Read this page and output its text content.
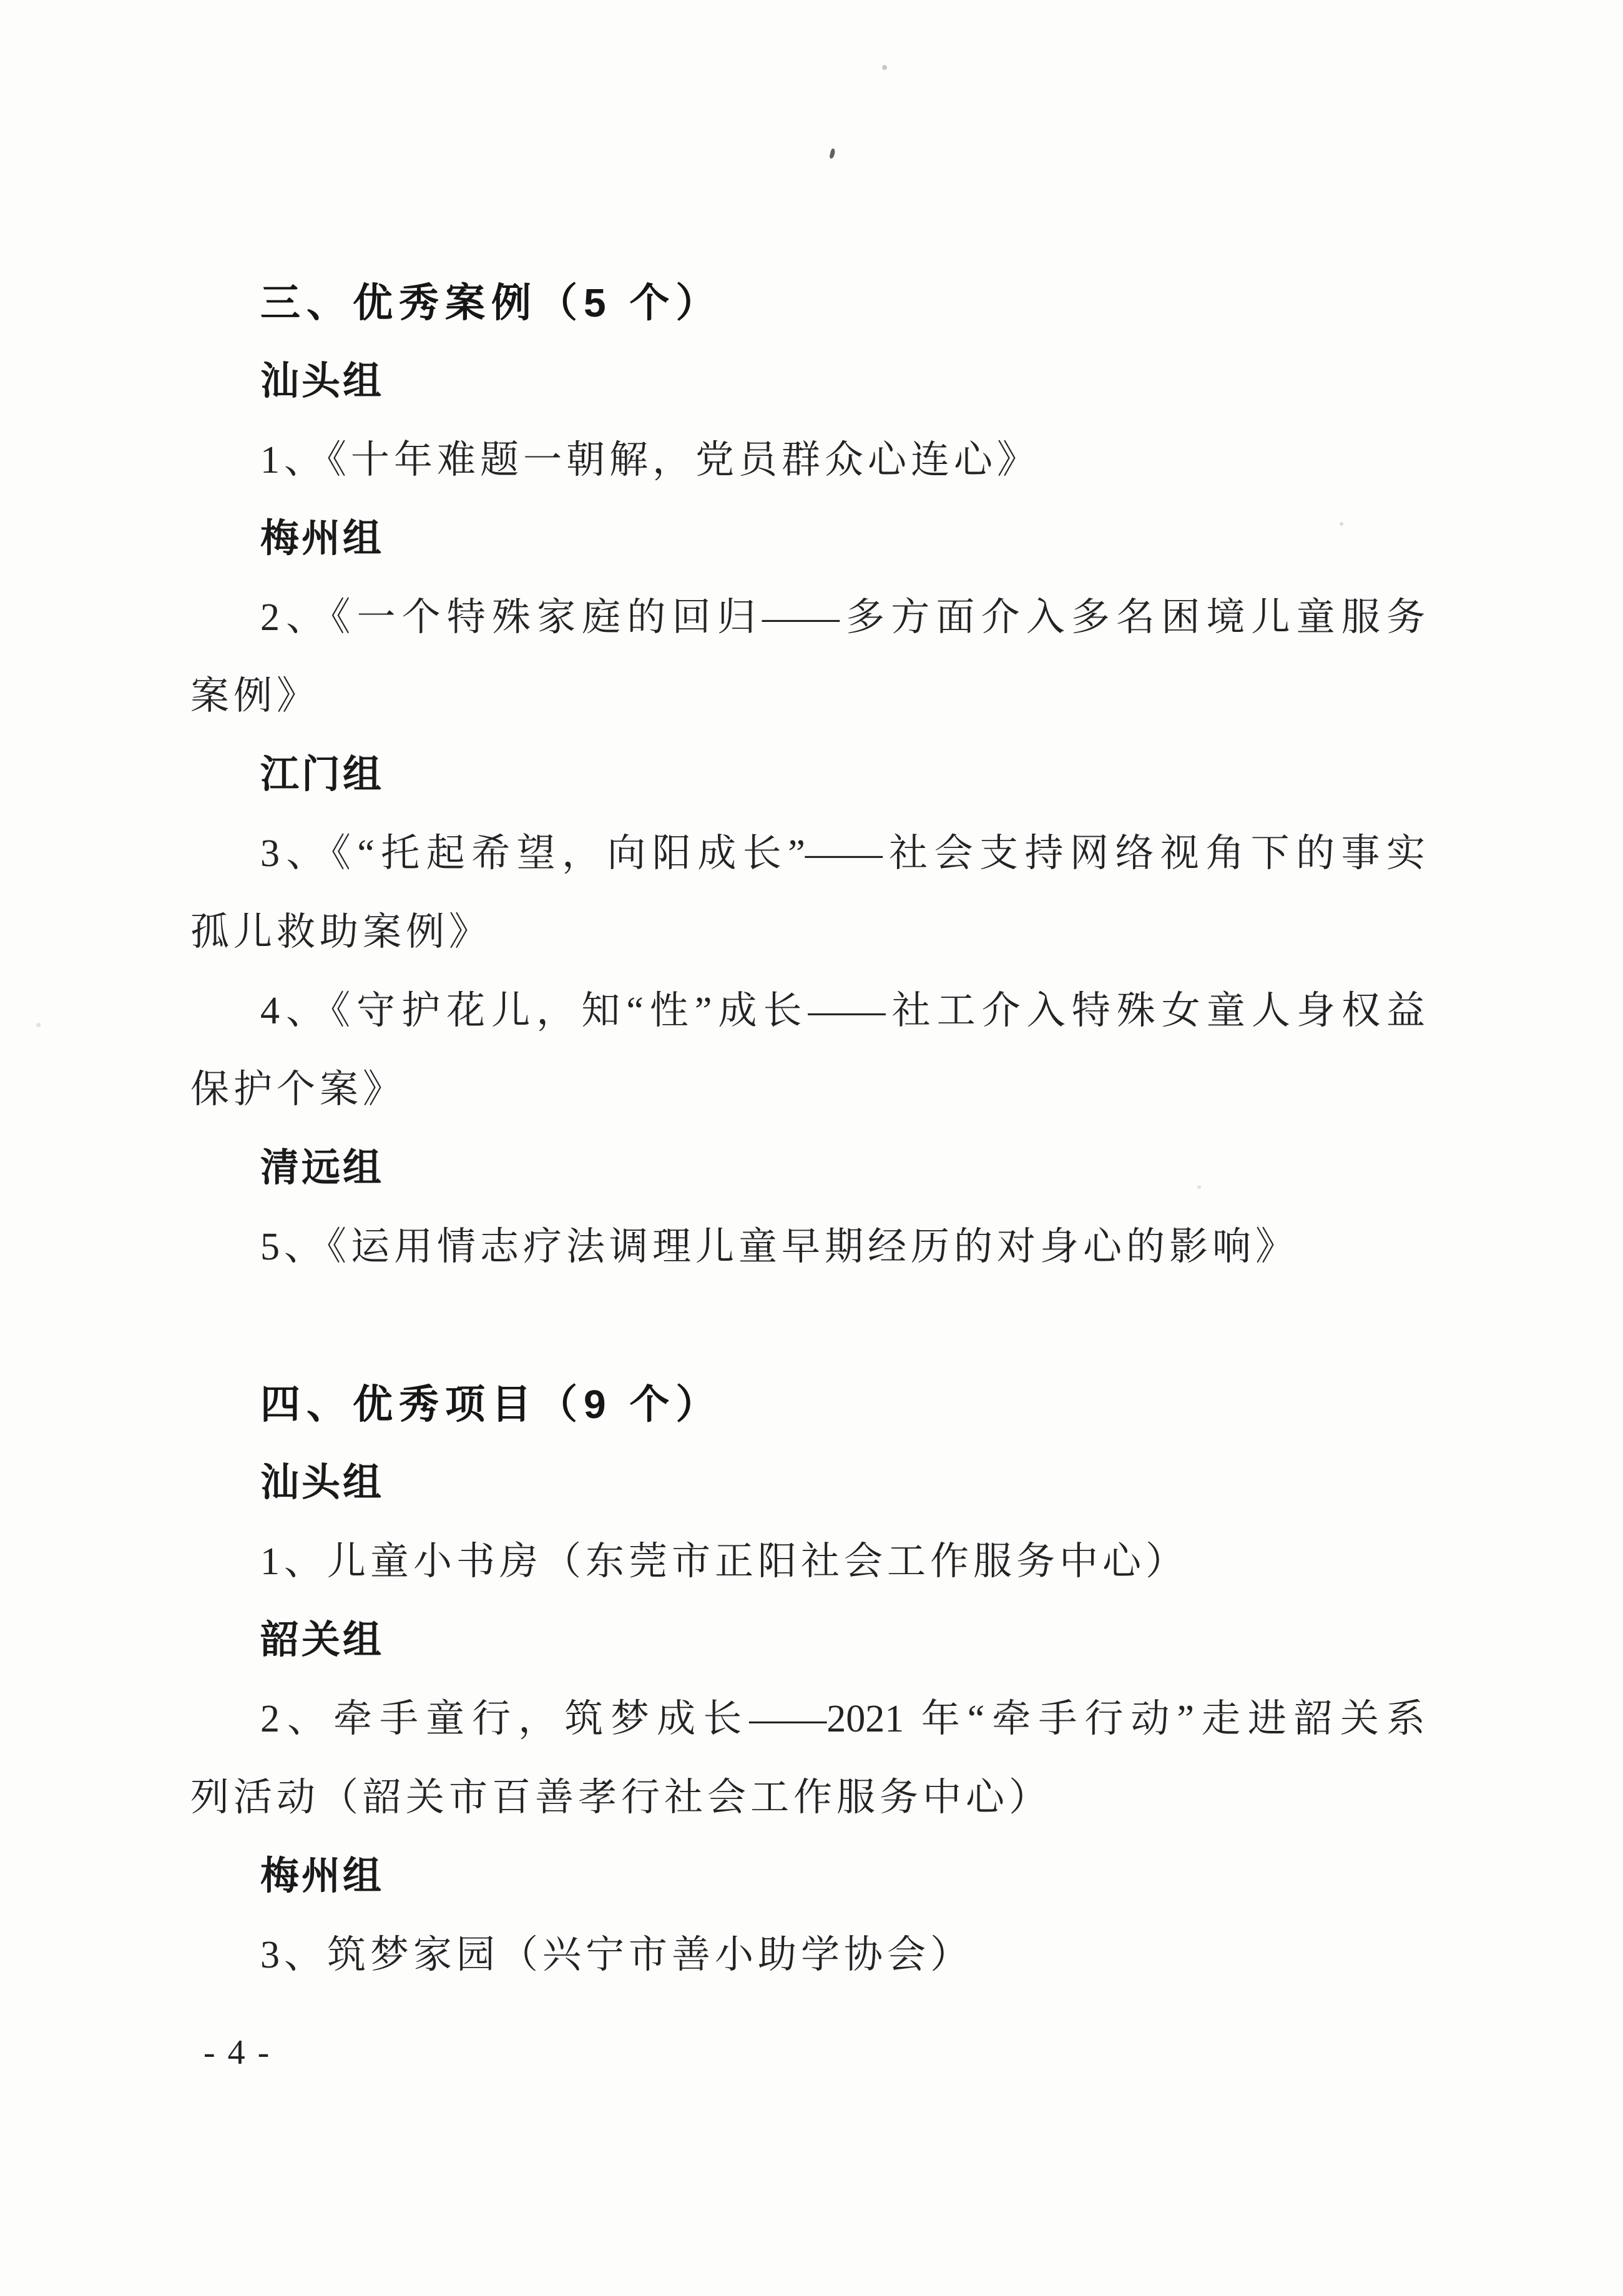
三、优秀案例（5 个）
汕头组
1、《十年难题一朝解，党员群众心连心》
梅州组
2、《一个特殊家庭的回归——多方面介入多名困境儿童服务
案例》
江门组
3、《“托起希望，向阳成长”——社会支持网络视角下的事实
孤儿救助案例》
4、《守护花儿，知“性”成长——社工介入特殊女童人身权益
保护个案》
清远组
5、《运用情志疗法调理儿童早期经历的对身心的影响》
四、优秀项目（9 个）
汕头组
1、儿童小书房（东莞市正阳社会工作服务中心）
韶关组
2、牵手童行，筑梦成长——2021 年“牵手行动”走进韶关系
列活动（韶关市百善孝行社会工作服务中心）
梅州组
3、筑梦家园（兴宁市善小助学协会）
- 4 -
